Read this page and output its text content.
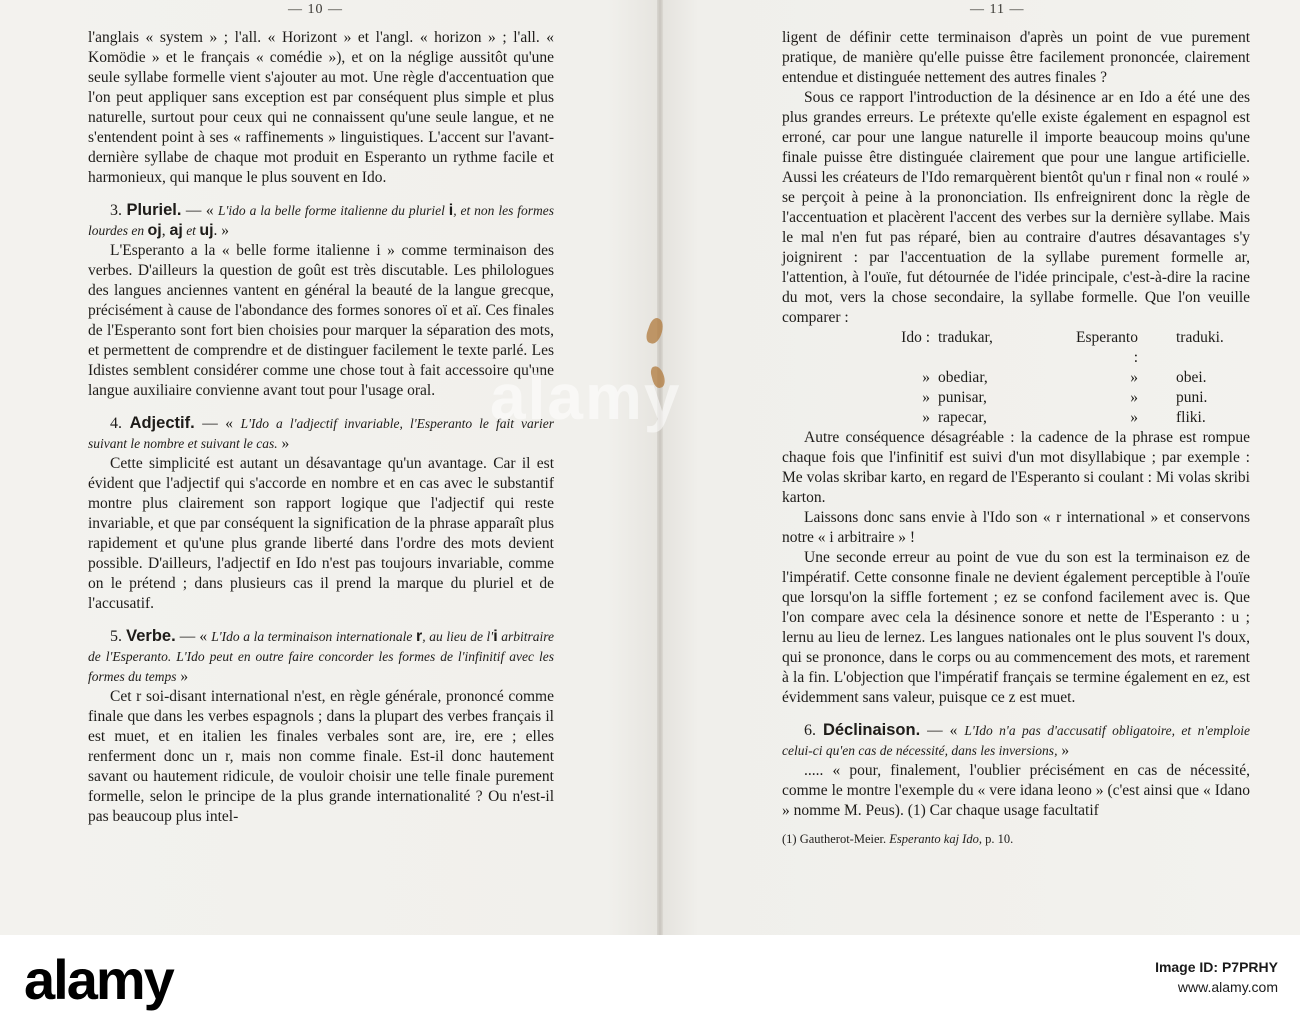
— 10 —

l'anglais « system » ; l'all. « Horizont » et l'angl. « horizon » ; l'all. « Komödie » et le français « comédie »), et on la néglige aussitôt qu'une seule syllabe formelle vient s'ajouter au mot. Une règle d'accentuation que l'on peut appliquer sans exception est par conséquent plus simple et plus naturelle, surtout pour ceux qui ne connaissent qu'une seule langue, et ne s'entendent point à ses « raffinements » linguistiques. L'accent sur l'avant-dernière syllabe de chaque mot produit en Esperanto un rythme facile et harmonieux, qui manque le plus souvent en Ido.

3. Pluriel. — « L'ido a la belle forme italienne du pluriel i, et non les formes lourdes en oj, aj et uj. »

L'Esperanto a la « belle forme italienne i » comme terminaison des verbes. D'ailleurs la question de goût est très discutable. Les philologues des langues anciennes vantent en général la beauté de la langue grecque, précisément à cause de l'abondance des formes sonores oï et aï. Ces finales de l'Esperanto sont fort bien choisies pour marquer la séparation des mots, et permettent de comprendre et de distinguer facilement le texte parlé. Les Idistes semblent considérer comme une chose tout à fait accessoire qu'une langue auxiliaire convienne avant tout pour l'usage oral.

4. Adjectif. — « L'Ido a l'adjectif invariable, l'Esperanto le fait varier suivant le nombre et suivant le cas. »

Cette simplicité est autant un désavantage qu'un avantage. Car il est évident que l'adjectif qui s'accorde en nombre et en cas avec le substantif montre plus clairement son rapport logique que l'adjectif qui reste invariable, et que par conséquent la signification de la phrase apparaît plus rapidement et qu'une plus grande liberté dans l'ordre des mots devient possible. D'ailleurs, l'adjectif en Ido n'est pas toujours invariable, comme on le prétend ; dans plusieurs cas il prend la marque du pluriel et de l'accusatif.

5. Verbe. — « L'Ido a la terminaison internationale r, au lieu de l'i arbitraire de l'Esperanto. L'Ido peut en outre faire concorder les formes de l'infinitif avec les formes du temps »

Cet r soi-disant international n'est, en règle générale, prononcé comme finale que dans les verbes espagnols ; dans la plupart des verbes français il est muet, et en italien les finales verbales sont are, ire, ere ; elles renferment donc un r, mais non comme finale. Est-il donc hautement savant ou hautement ridicule, de vouloir choisir une telle finale purement formelle, selon le principe de la plus grande internationalité ? Ou n'est-il pas beaucoup plus intel-

— 11 —

ligent de définir cette terminaison d'après un point de vue purement pratique, de manière qu'elle puisse être facilement prononcée, clairement entendue et distinguée nettement des autres finales ?

Sous ce rapport l'introduction de la désinence ar en Ido a été une des plus grandes erreurs. Le prétexte qu'elle existe également en espagnol est erroné, car pour une langue naturelle il importe beaucoup moins qu'une finale puisse être distinguée clairement que pour une langue artificielle. Aussi les créateurs de l'Ido remarquèrent bientôt qu'un r final non « roulé » se perçoit à peine à la prononciation. Ils enfreignirent donc la règle de l'accentuation et placèrent l'accent des verbes sur la dernière syllabe. Mais le mal n'en fut pas réparé, bien au contraire d'autres désavantages s'y joignirent : par l'accentuation de la syllabe purement formelle ar, l'attention, à l'ouïe, fut détournée de l'idée principale, c'est-à-dire la racine du mot, vers la chose secondaire, la syllabe formelle. Que l'on veuille comparer :

Ido :	tradukar,	Esperanto :	traduki.
»	obediar,	»	obei.
»	punisar,	»	puni.
»	rapecar,	»	fliki.

Autre conséquence désagréable : la cadence de la phrase est rompue chaque fois que l'infinitif est suivi d'un mot disyllabique ; par exemple : Me volas skribar karto, en regard de l'Esperanto si coulant : Mi volas skribi karton.

Laissons donc sans envie à l'Ido son « r international » et conservons notre « i arbitraire » !

Une seconde erreur au point de vue du son est la terminaison ez de l'impératif. Cette consonne finale ne devient également perceptible à l'ouïe que lorsqu'on la siffle fortement ; ez se confond facilement avec is. Que l'on compare avec cela la désinence sonore et nette de l'Esperanto : u ; lernu au lieu de lernez. Les langues nationales ont le plus souvent l's doux, qui se prononce, dans le corps ou au commencement des mots, et rarement à la fin. L'objection que l'impératif français se termine également en ez, est évidemment sans valeur, puisque ce z est muet.

6. Déclinaison. — « L'Ido n'a pas d'accusatif obligatoire, et n'emploie celui-ci qu'en cas de nécessité, dans les inversions, »

..... « pour, finalement, l'oublier précisément en cas de nécessité, comme le montre l'exemple du « vere idana leono » (c'est ainsi que « Idano » nomme M. Peus). (1) Car chaque usage facultatif

(1) Gautherot-Meier. Esperanto kaj Ido, p. 10.

alamy
alamy	Image ID: P7PRHY
www.alamy.com
